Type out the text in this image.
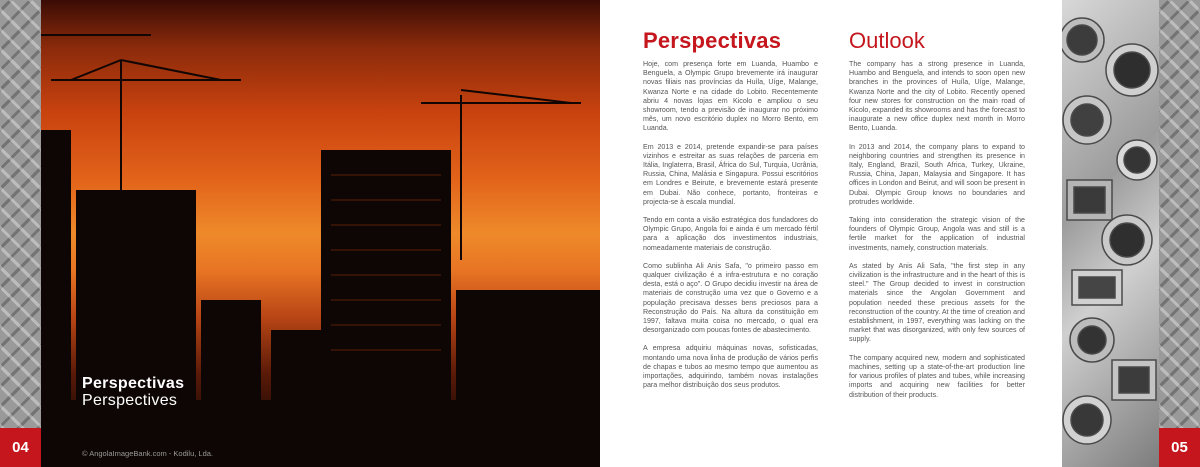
Perspectivas
Perspectives
© AngolaImageBank.com - Kodilu, Lda.
04
Perspectivas

Hoje, com presença forte em Luanda, Huambo e Benguela, a Olympic Grupo brevemente irá inaugurar novas filiais nas províncias da Huíla, Uíge, Malange, Kwanza Norte e na cidade do Lobito. Recentemente abriu 4 novas lojas em Kicolo e ampliou o seu showroom, tendo a previsão de inaugurar no próximo mês, um novo escritório duplex no Morro Bento, em Luanda.

Em 2013 e 2014, pretende expandir-se para países vizinhos e estreitar as suas relações de parceria em Itália, Inglaterra, Brasil, África do Sul, Turquia, Ucrânia, Russia, China, Malásia e Singapura. Possui escritórios em Londres e Beirute, e brevemente estará presente em Dubai. Não conhece, portanto, fronteiras e projecta-se à escala mundial.

Tendo em conta a visão estratégica dos fundadores do Olympic Grupo, Angola foi e ainda é um mercado fértil para a aplicação dos investimentos industriais, nomeadamente materiais de construção.

Como sublinha Ali Anis Safa, "o primeiro passo em qualquer civilização é a infra-estrutura e no coração desta, está o aço". O Grupo decidiu investir na área de materiais de construção uma vez que o Governo e a população precisava desses bens preciosos para a Reconstrução do País. Na altura da constituição em 1997, faltava muita coisa no mercado, o qual era desorganizado com poucas fontes de abastecimento.

A empresa adquiriu máquinas novas, sofisticadas, montando uma nova linha de produção de vários perfis de chapas e tubos ao mesmo tempo que aumentou as importações, adquirindo, também novas instalações para melhor distribuição dos seus produtos.

Outlook

The company has a strong presence in Luanda, Huambo and Benguela, and intends to soon open new branches in the provinces of Huíla, Uíge, Malange, Kwanza Norte and the city of Lobito. Recently opened four new stores for construction on the main road of Kicolo, expanded its showrooms and has the forecast to inaugurate a new office duplex next month in Morro Bento, Luanda.

In 2013 and 2014, the company plans to expand to neighboring countries and strengthen its presence in Italy, England, Brazil, South Africa, Turkey, Ukraine, Russia, China, Japan, Malaysia and Singapore. It has offices in London and Beirut, and will soon be present in Dubai. Olympic Group knows no boundaries and protrudes worldwide.

Taking into consideration the strategic vision of the founders of Olympic Group, Angola was and still is a fertile market for the application of industrial investments, namely, construction materials.

As stated by Anis Ali Safa, "the first step in any civilization is the infrastructure and in the heart of this is steel." The Group decided to invest in construction materials since the Angolan Government and population needed these precious assets for the reconstruction of the country. At the time of creation and establishment, in 1997, everything was lacking on the market that was disorganized, with only few sources of supply.

The company acquired new, modern and sophisticated machines, setting up a state-of-the-art production line for various profiles of plates and tubes, while increasing imports and acquiring new facilities for better distribution of their products.

05
